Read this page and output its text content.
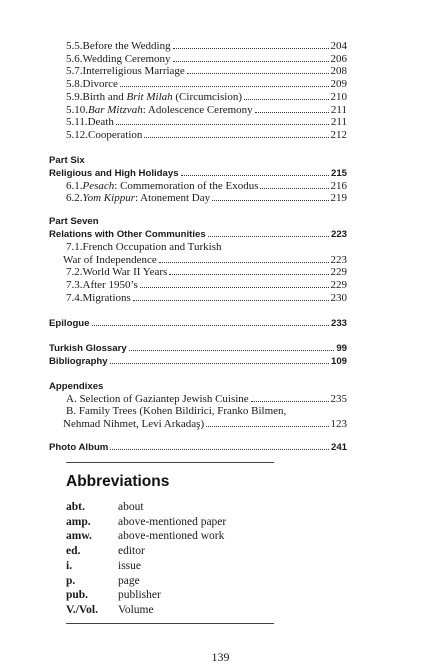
5.5.Before the Wedding	204
5.6.Wedding Ceremony	206
5.7.Interreligious Marriage	208
5.8.Divorce	209
5.9.Birth and Brit Milah (Circumcision)	210
5.10.Bar Mitzvah: Adolescence Ceremony	211
5.11.Death	211
5.12.Cooperation	212
Part Six
Religious and High Holidays	215
6.1.Pesach: Commemoration of the Exodus	216
6.2.Yom Kippur: Atonement Day	219
Part Seven
Relations with Other Communities	223
7.1.French Occupation and Turkish
War of Independence	223
7.2.World War II Years	229
7.3.After 1950’s	229
7.4.Migrations	230
Epilogue	233
Turkish Glossary	99
Bibliography	109
Appendixes
A. Selection of Gaziantep Jewish Cuisine	235
B. Family Trees (Kohen Bildirici, Franko Bilmen,
Nehmad Nihmet, Levi Arkadaş)	123
Photo Album	241
Abbreviations
abt.	about
amp.	above-mentioned paper
amw.	above-mentioned work
ed.	editor
i.	issue
p.	page
pub.	publisher
V./Vol.	Volume
139
